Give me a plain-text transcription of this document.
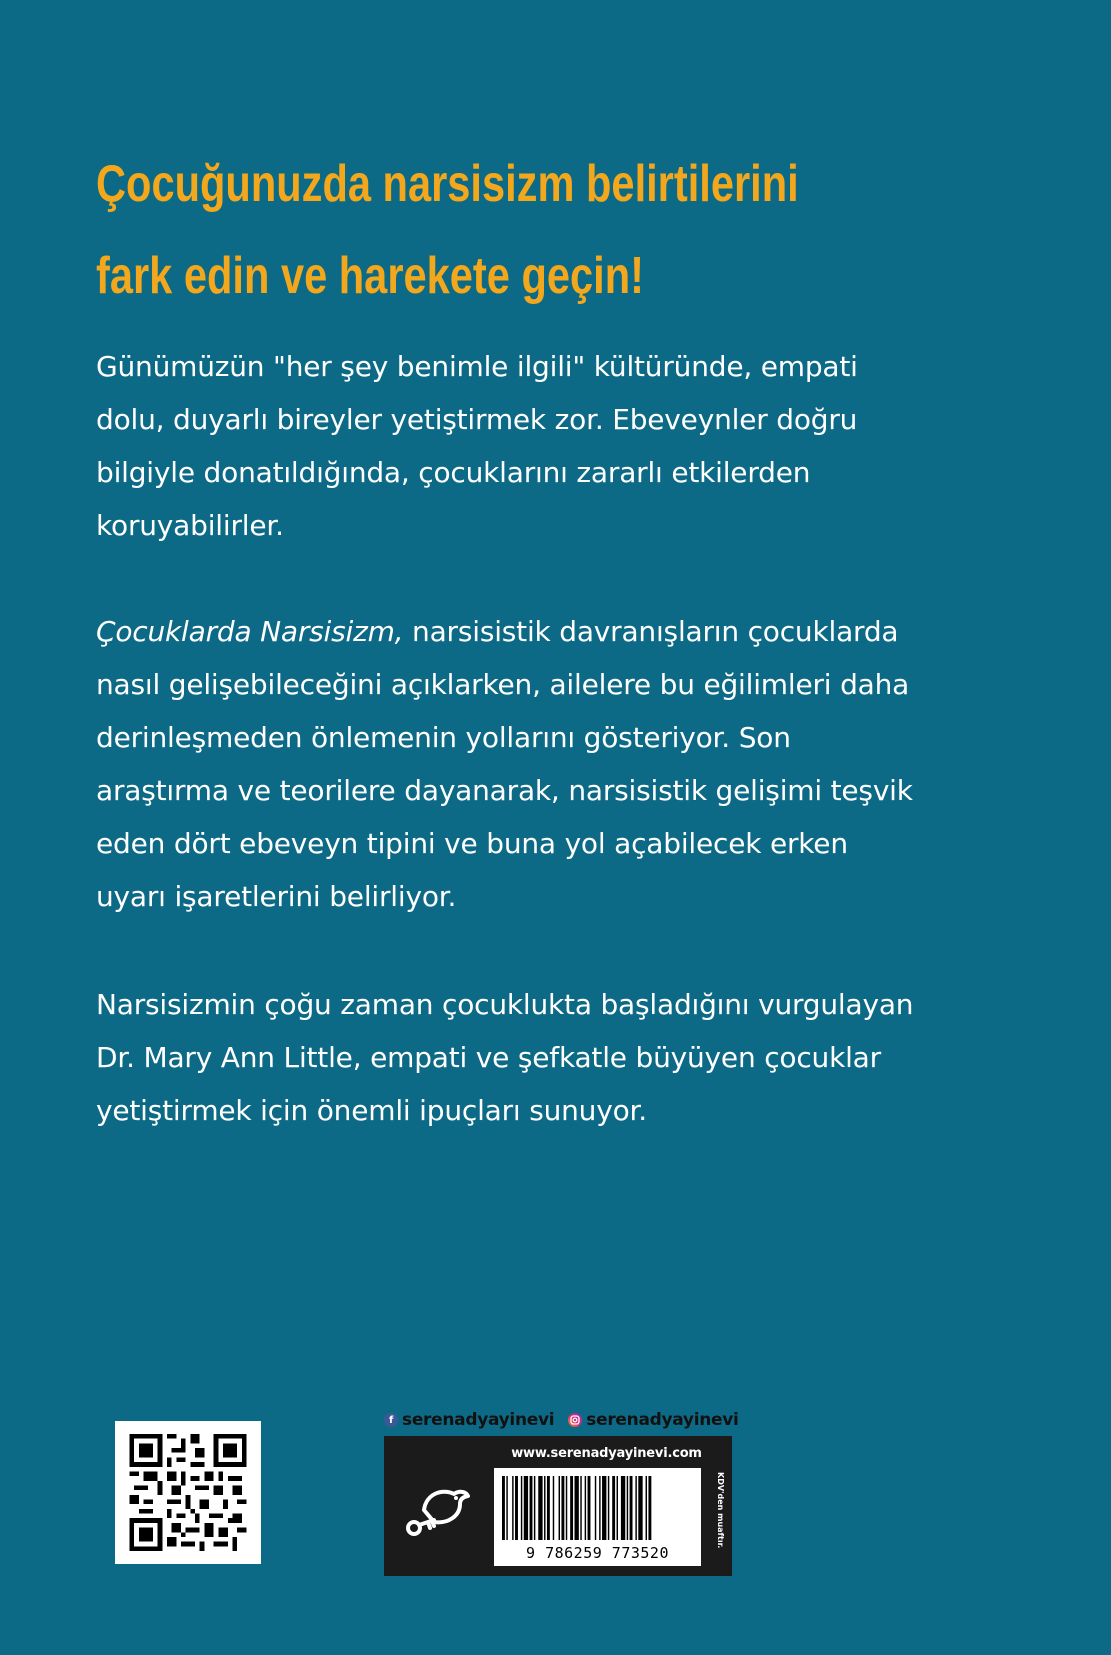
Çocuğunuzda narsisizm belirtilerini
fark edin ve harekete geçin!

Günümüzün "her şey benimle ilgili" kültüründe, empati
dolu, duyarlı bireyler yetiştirmek zor. Ebeveynler doğru
bilgiyle donatıldığında, çocuklarını zararlı etkilerden
koruyabilirler.

Çocuklarda Narsisizm, narsisistik davranışların çocuklarda
nasıl gelişebileceğini açıklarken, ailelere bu eğilimleri daha
derinleşmeden önlemenin yollarını gösteriyor. Son
araştırma ve teorilere dayanarak, narsisistik gelişimi teşvik
eden dört ebeveyn tipini ve buna yol açabilecek erken
uyarı işaretlerini belirliyor.

Narsisizmin çoğu zaman çocuklukta başladığını vurgulayan
Dr. Mary Ann Little, empati ve şefkatle büyüyen çocuklar
yetiştirmek için önemli ipuçları sunuyor.

f serenadyayinevi serenadyayinevi
www.serenadyayinevi.com
9 786259 773520
KDV'den muaftır.
